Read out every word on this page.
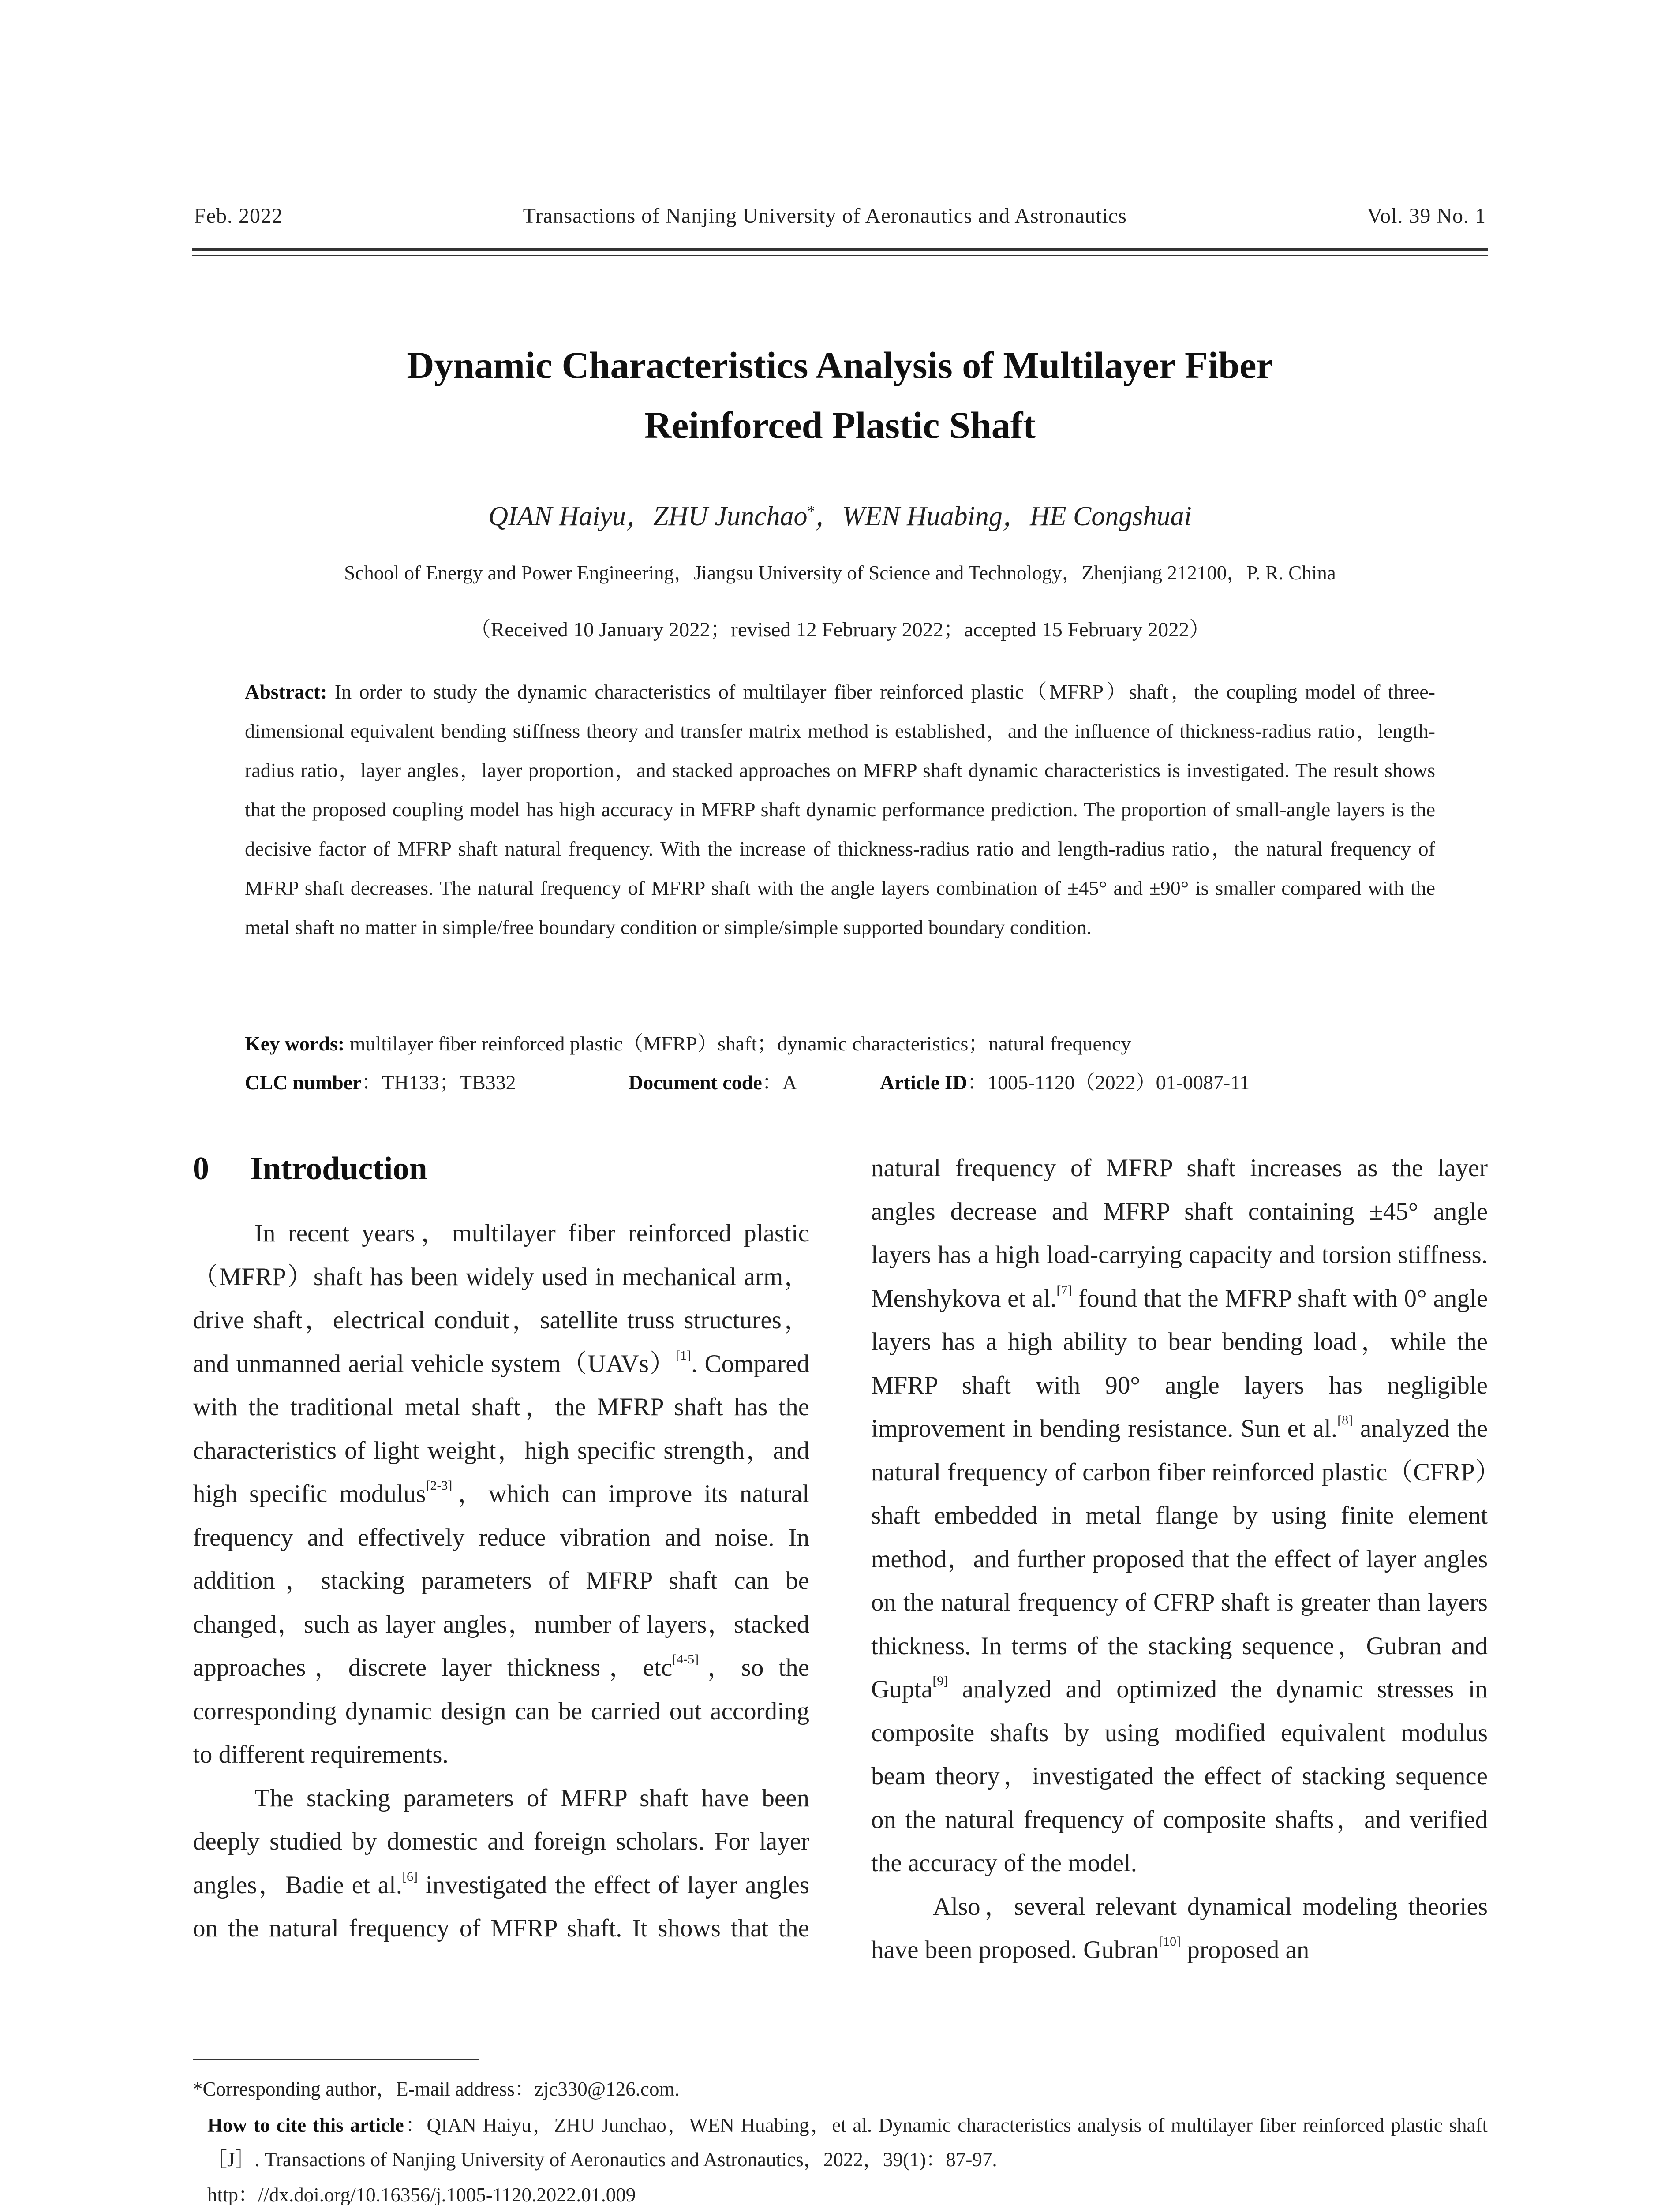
Feb. 2022	Transactions of Nanjing University of Aeronautics and Astronautics	Vol. 39 No. 1
Dynamic Characteristics Analysis of Multilayer Fiber
Reinforced Plastic Shaft
QIAN Haiyu，ZHU Junchao*，WEN Huabing，HE Congshuai
School of Energy and Power Engineering，Jiangsu University of Science and Technology，Zhenjiang 212100，P. R. China
（Received 10 January 2022；revised 12 February 2022；accepted 15 February 2022）
Abstract: In order to study the dynamic characteristics of multilayer fiber reinforced plastic（MFRP）shaft，the coupling model of three-dimensional equivalent bending stiffness theory and transfer matrix method is established，and the influence of thickness-radius ratio，length-radius ratio，layer angles，layer proportion，and stacked approaches on MFRP shaft dynamic characteristics is investigated. The result shows that the proposed coupling model has high accuracy in MFRP shaft dynamic performance prediction. The proportion of small-angle layers is the decisive factor of MFRP shaft natural frequency. With the increase of thickness-radius ratio and length-radius ratio，the natural frequency of MFRP shaft decreases. The natural frequency of MFRP shaft with the angle layers combination of ±45° and ±90° is smaller compared with the metal shaft no matter in simple/free boundary condition or simple/simple supported boundary condition.
Key words: multilayer fiber reinforced plastic（MFRP）shaft；dynamic characteristics；natural frequency
CLC number：TH133；TB332	Document code：A	Article ID：1005-1120（2022）01-0087-11
0 Introduction

In recent years，multilayer fiber reinforced plastic（MFRP）shaft has been widely used in mechanical arm，drive shaft，electrical conduit，satellite truss structures，and unmanned aerial vehicle system（UAVs）[1]. Compared with the traditional metal shaft，the MFRP shaft has the characteristics of light weight，high specific strength，and high specific modulus[2-3]，which can improve its natural frequency and effectively reduce vibration and noise. In addition，stacking parameters of MFRP shaft can be changed，such as layer angles，number of layers，stacked approaches，discrete layer thickness，etc[4-5]，so the corresponding dynamic design can be carried out according to different requirements.

The stacking parameters of MFRP shaft have been deeply studied by domestic and foreign scholars. For layer angles，Badie et al.[6] investigated the effect of layer angles on the natural frequency of MFRP shaft. It shows that the natural frequency of MFRP shaft increases as the layer angles decrease and MFRP shaft containing ±45° angle layers has a high load-carrying capacity and torsion stiffness. Menshykova et al.[7] found that the MFRP shaft with 0° angle layers has a high ability to bear bending load，while the MFRP shaft with 90° angle layers has negligible improvement in bending resistance. Sun et al.[8] analyzed the natural frequency of carbon fiber reinforced plastic（CFRP）shaft embedded in metal flange by using finite element method，and further proposed that the effect of layer angles on the natural frequency of CFRP shaft is greater than layers thickness. In terms of the stacking sequence，Gubran and Gupta[9] analyzed and optimized the dynamic stresses in composite shafts by using modified equivalent modulus beam theory，investigated the effect of stacking sequence on the natural frequency of composite shafts，and verified the accuracy of the model.

Also，several relevant dynamical modeling theories have been proposed. Gubran[10] proposed an

*Corresponding author，E-mail address：zjc330@126.com.
How to cite this article：QIAN Haiyu，ZHU Junchao，WEN Huabing，et al. Dynamic characteristics analysis of multilayer fiber reinforced plastic shaft［J］. Transactions of Nanjing University of Aeronautics and Astronautics，2022，39(1)：87-97.
http：//dx.doi.org/10.16356/j.1005-1120.2022.01.009
